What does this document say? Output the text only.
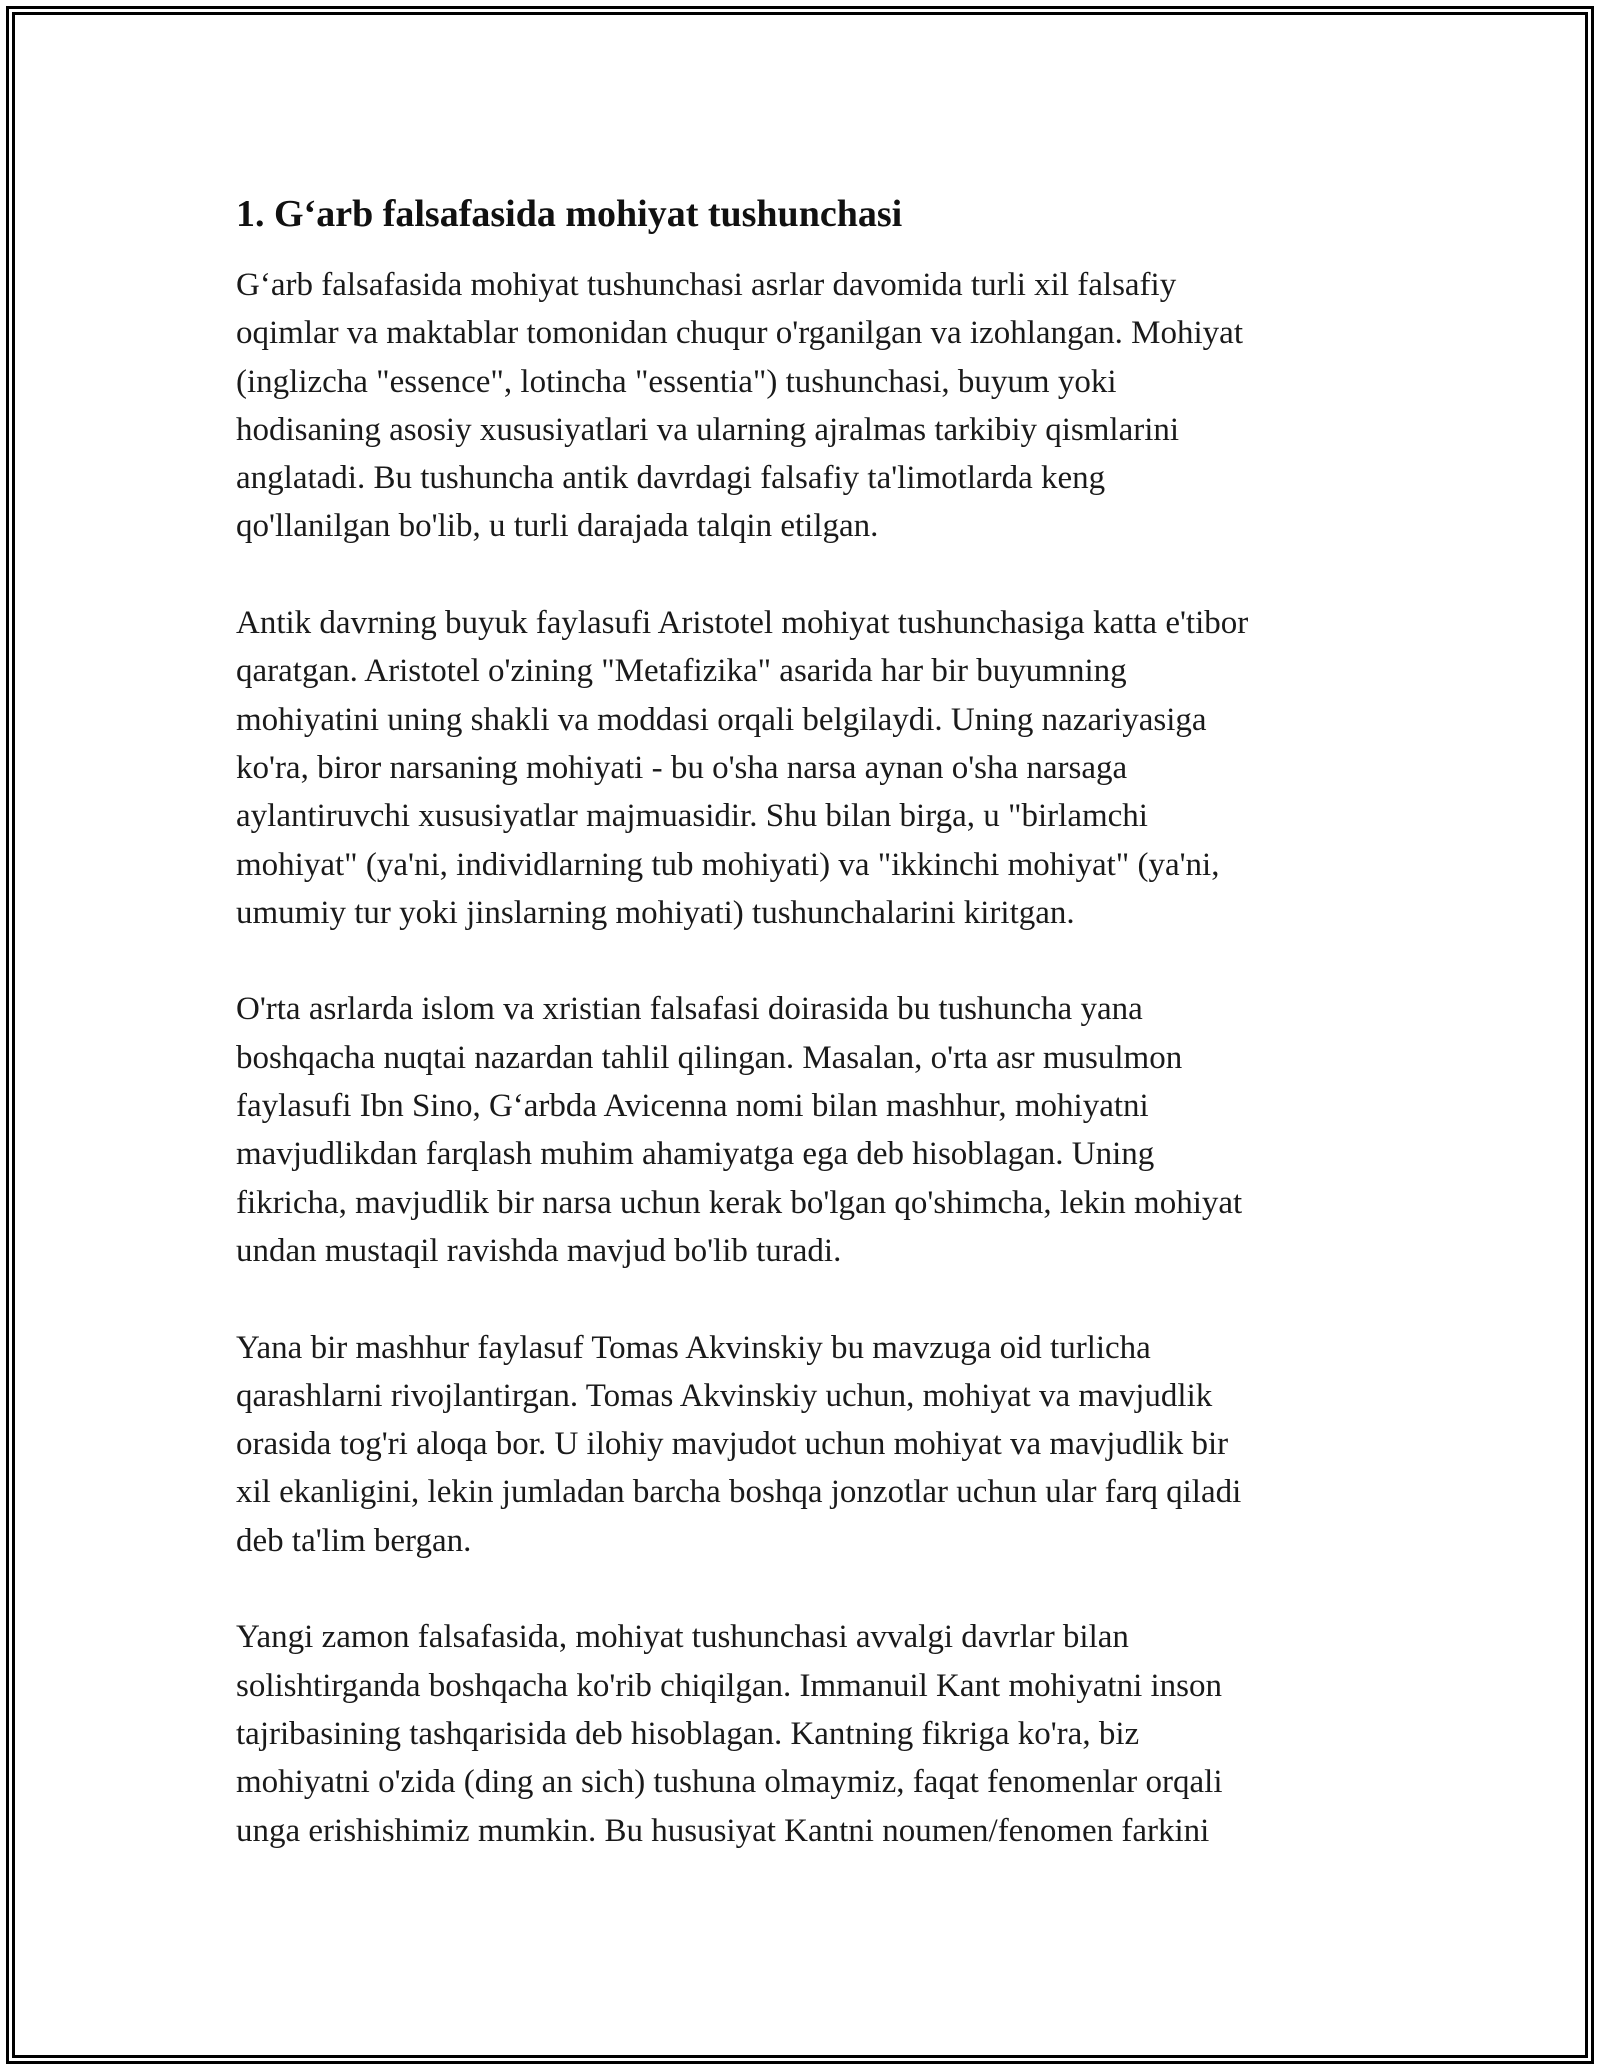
1. G‘arb falsafasida mohiyat tushunchasi

G‘arb falsafasida mohiyat tushunchasi asrlar davomida turli xil falsafiy
oqimlar va maktablar tomonidan chuqur o'rganilgan va izohlangan. Mohiyat
(inglizcha "essence", lotincha "essentia") tushunchasi, buyum yoki
hodisaning asosiy xususiyatlari va ularning ajralmas tarkibiy qismlarini
anglatadi. Bu tushuncha antik davrdagi falsafiy ta'limotlarda keng
qo'llanilgan bo'lib, u turli darajada talqin etilgan.

Antik davrning buyuk faylasufi Aristotel mohiyat tushunchasiga katta e'tibor
qaratgan. Aristotel o'zining "Metafizika" asarida har bir buyumning
mohiyatini uning shakli va moddasi orqali belgilaydi. Uning nazariyasiga
ko'ra, biror narsaning mohiyati - bu o'sha narsa aynan o'sha narsaga
aylantiruvchi xususiyatlar majmuasidir. Shu bilan birga, u "birlamchi
mohiyat" (ya'ni, individlarning tub mohiyati) va "ikkinchi mohiyat" (ya'ni,
umumiy tur yoki jinslarning mohiyati) tushunchalarini kiritgan.

O'rta asrlarda islom va xristian falsafasi doirasida bu tushuncha yana
boshqacha nuqtai nazardan tahlil qilingan. Masalan, o'rta asr musulmon
faylasufi Ibn Sino, G‘arbda Avicenna nomi bilan mashhur, mohiyatni
mavjudlikdan farqlash muhim ahamiyatga ega deb hisoblagan. Uning
fikricha, mavjudlik bir narsa uchun kerak bo'lgan qo'shimcha, lekin mohiyat
undan mustaqil ravishda mavjud bo'lib turadi.

Yana bir mashhur faylasuf Tomas Akvinskiy bu mavzuga oid turlicha
qarashlarni rivojlantirgan. Tomas Akvinskiy uchun, mohiyat va mavjudlik
orasida tog'ri aloqa bor. U ilohiy mavjudot uchun mohiyat va mavjudlik bir
xil ekanligini, lekin jumladan barcha boshqa jonzotlar uchun ular farq qiladi
deb ta'lim bergan.

Yangi zamon falsafasida, mohiyat tushunchasi avvalgi davrlar bilan
solishtirganda boshqacha ko'rib chiqilgan. Immanuil Kant mohiyatni inson
tajribasining tashqarisida deb hisoblagan. Kantning fikriga ko'ra, biz
mohiyatni o'zida (ding an sich) tushuna olmaymiz, faqat fenomenlar orqali
unga erishishimiz mumkin. Bu hususiyat Kantni noumen/fenomen farkini
